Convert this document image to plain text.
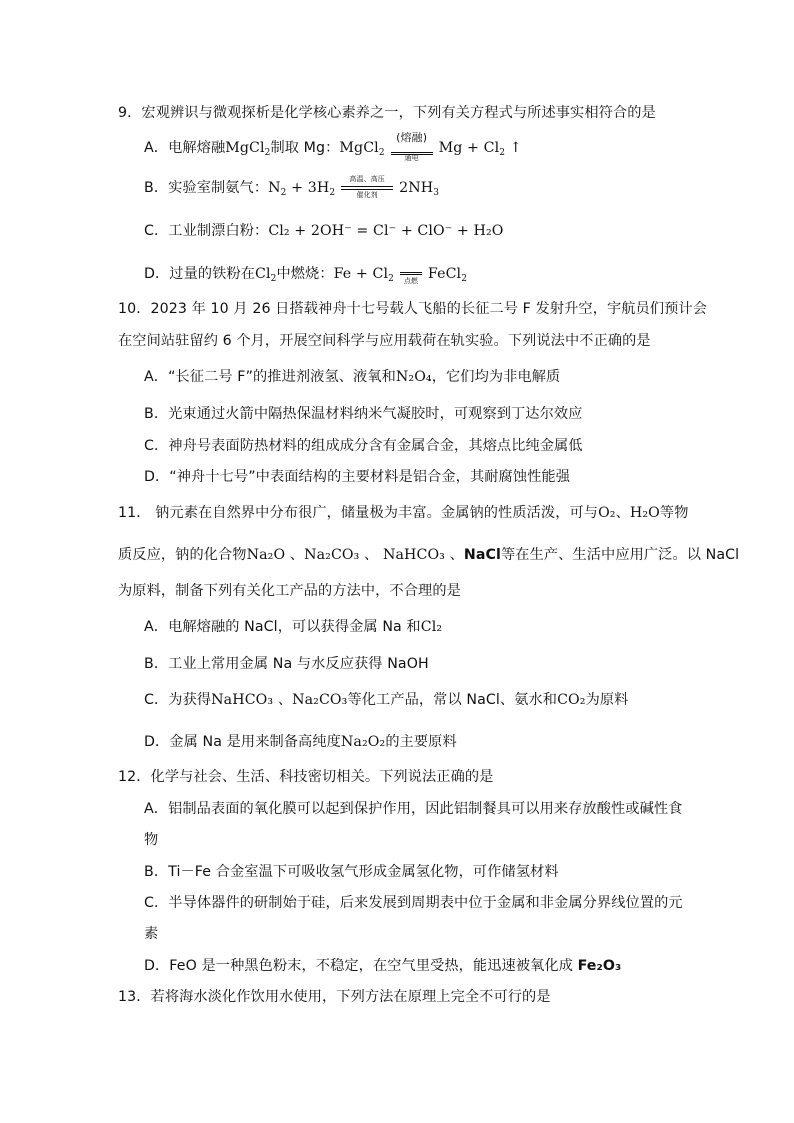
9．宏观辨识与微观探析是化学核心素养之一，下列有关方程式与所述事实相符合的是
A．电解熔融MgCl$_2$制取 Mg：MgCl$_2$
(熔融)
通电
$Mg + Cl_2$ ↑
B．实验室制氨气：$N_2 + 3H_2$
高温、高压
催化剂	$2NH_3$
C．工业制漂白粉：Cl₂ + 2OH⁻ = Cl⁻ + ClO⁻ + H₂O
D．过量的铁粉在$Cl_2$中燃烧：$Fe + Cl_2$	点燃 FeCl$_2$
10．2023 年 10 月 26 日搭载神舟十七号载人飞船的长征二号 F 发射升空，宇航员们预计会
在空间站驻留约 6 个月，开展空间科学与应用载荷在轨实验。下列说法中不正确的是
A．“长征二号 F”的推进剂液氢、液氧和N₂O₄，它们均为非电解质
B．光束通过火箭中隔热保温材料纳米气凝胶时，可观察到丁达尔效应
C．神舟号表面防热材料的组成成分含有金属合金，其熔点比纯金属低
D．“神舟十七号”中表面结构的主要材料是铝合金，其耐腐蚀性能强
11． 钠元素在自然界中分布很广，储量极为丰富。金属钠的性质活泼，可与O₂、H₂O等物
质反应，钠的化合物Na₂O 、Na₂CO₃ 、 NaHCO₃ 、NaCl等在生产、生活中应用广泛。以 NaCl
为原料，制备下列有关化工产品的方法中，不合理的是
A．电解熔融的 NaCl，可以获得金属 Na 和Cl₂
B．工业上常用金属 Na 与水反应获得 NaOH
C．为获得NaHCO₃ 、Na₂CO₃等化工产品，常以 NaCl、氨水和CO₂为原料
D．金属 Na 是用来制备高纯度Na₂O₂的主要原料
12．化学与社会、生活、科技密切相关。下列说法正确的是
A．铝制品表面的氧化膜可以起到保护作用，因此铝制餐具可以用来存放酸性或碱性食
物
B．Ti－Fe 合金室温下可吸收氢气形成金属氢化物，可作储氢材料
C．半导体器件的研制始于硅，后来发展到周期表中位于金属和非金属分界线位置的元
素
D．FeO 是一种黑色粉末，不稳定，在空气里受热，能迅速被氧化成 Fe₂O₃
13．若将海水淡化作饮用水使用，下列方法在原理上完全不可行的是
